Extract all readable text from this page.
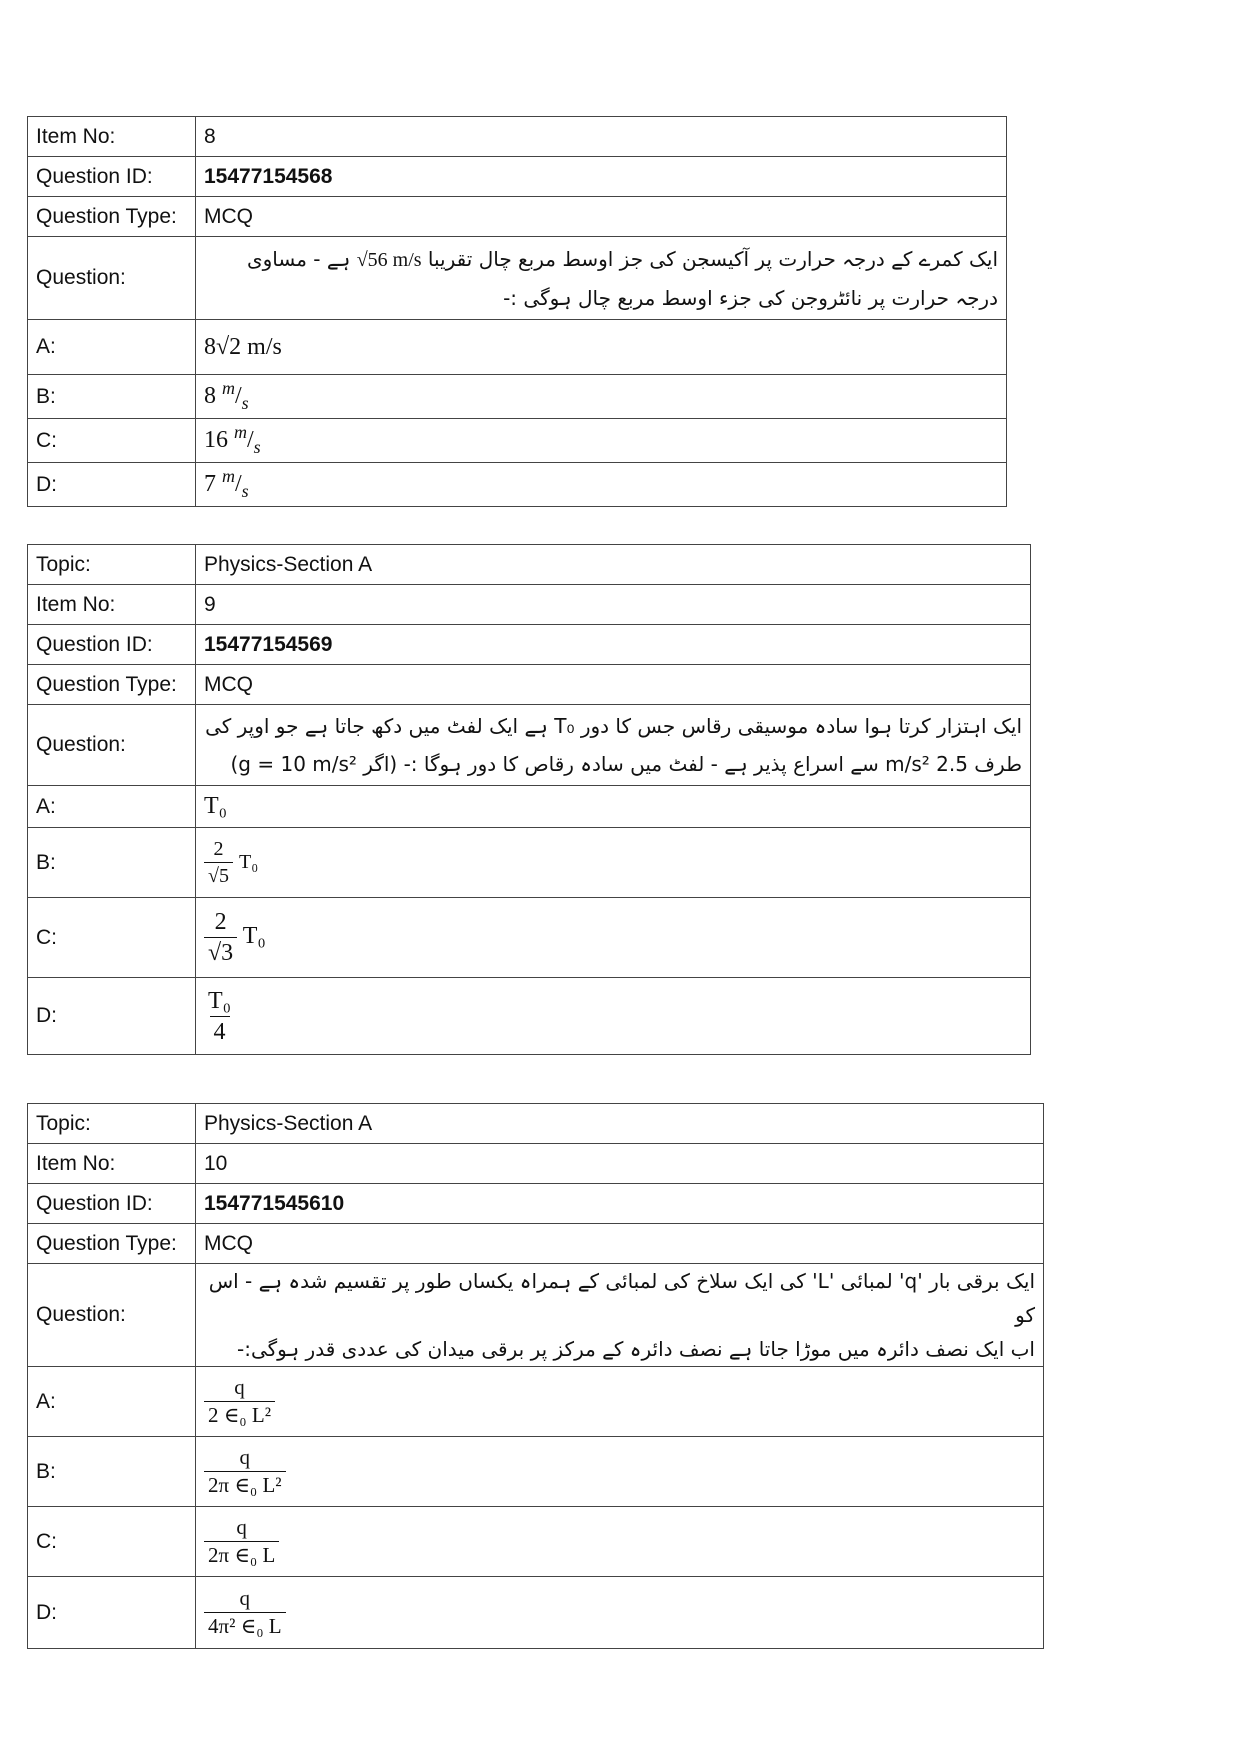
Item No:	8
Question ID:	15477154568
Question Type:	MCQ
Question:	ایک کمرے کے درجہ حرارت پر آکیسجن کی جز اوسط مربع چال تقریبا √56 m/s ہے - مساوی
درجہ حرارت پر نائٹروجن کی جزء اوسط مربع چال ہوگی :-

A:	8√2 m/s
B:	8 $^m/_s$
C:	16 $^m/_s$
D:	7 $^m/_s$
Topic:	Physics-Section A
Item No:	9
Question ID:	15477154569
Question Type:	MCQ
Question:	ایک اہتزار کرتا ہوا سادہ موسیقی رقاس جس کا دور T₀ ہے ایک لفٹ میں دکھ جاتا ہے جو اوپر کی
طرف 2.5 m/s² سے اسراع پذیر ہے - لفٹ میں سادہ رقاص کا دور ہوگا :- (اگر g = 10 m/s²)

A:	T₀
B:	$\frac{2}{√5} T_0$
C:	$\frac{2}{√3} T_0$
D:	$\frac{\text{T₀}}{4}$
Topic:	Physics-Section A
Item No:	10
Question ID:	154771545610
Question Type:	MCQ
Question:	ایک برقی بار 'q' لمبائی 'L' کی ایک سلاخ کی لمبائی کے ہمراہ یکساں طور پر تقسیم شدہ ہے - اس کو
اب ایک نصف دائرہ میں موڑا جاتا ہے نصف دائرہ کے مرکز پر برقی میدان کی عددی قدر ہوگی:-

A:	$\frac{q}{\text{2 ∈₀ L²}}$

B:	$\frac{q}{\text{2π ∈₀ L²}}$

C:	$\frac{q}{\text{2π ∈₀ L}}$

D:	$\frac{q}{\text{4π² ∈₀ L}}$
